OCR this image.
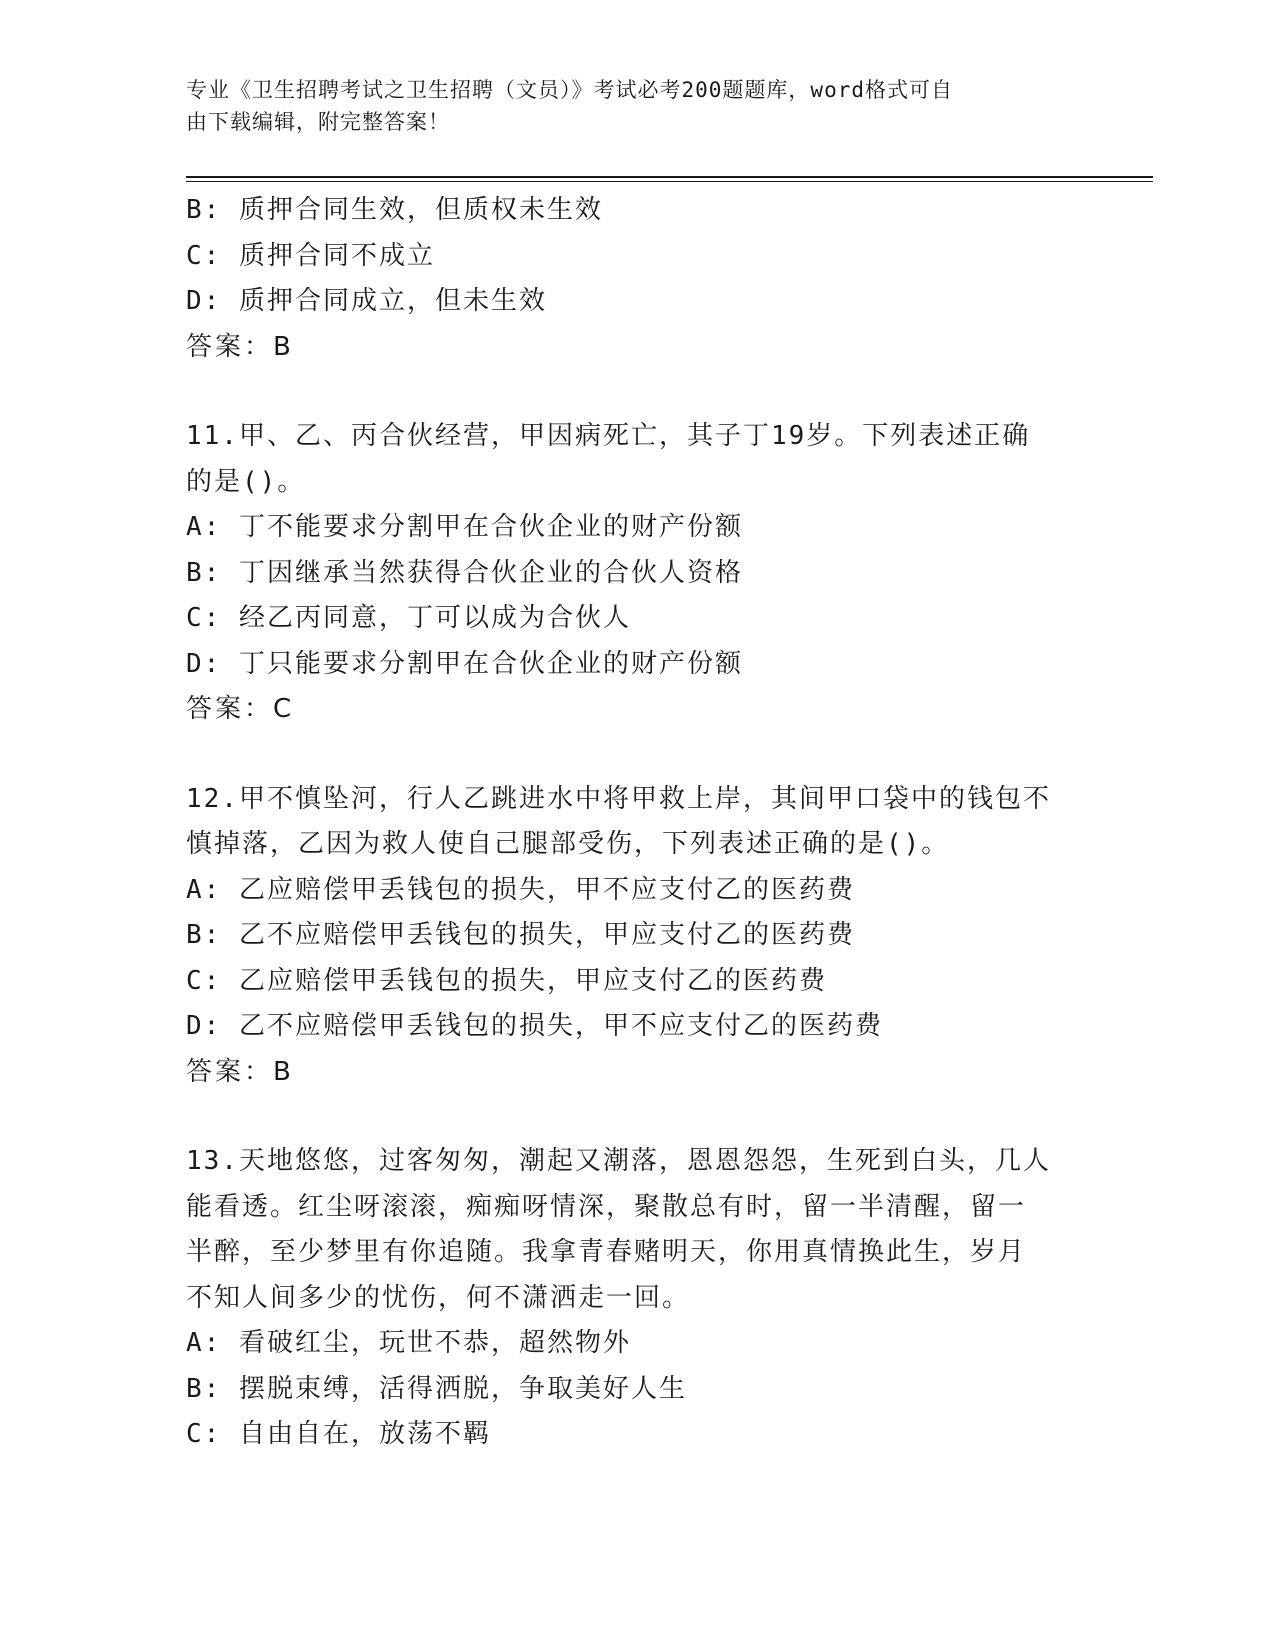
专业《卫生招聘考试之卫生招聘（文员）》考试必考200题题库，word格式可自
由下载编辑，附完整答案！
B: 质押合同生效，但质权未生效
C: 质押合同不成立
D: 质押合同成立，但未生效
答案：B
11.甲、乙、丙合伙经营，甲因病死亡，其子丁19岁。下列表述正确
的是()。
A: 丁不能要求分割甲在合伙企业的财产份额
B: 丁因继承当然获得合伙企业的合伙人资格
C: 经乙丙同意，丁可以成为合伙人
D: 丁只能要求分割甲在合伙企业的财产份额
答案：C
12.甲不慎坠河，行人乙跳进水中将甲救上岸，其间甲口袋中的钱包不
慎掉落，乙因为救人使自己腿部受伤，下列表述正确的是()。
A: 乙应赔偿甲丢钱包的损失，甲不应支付乙的医药费
B: 乙不应赔偿甲丢钱包的损失，甲应支付乙的医药费
C: 乙应赔偿甲丢钱包的损失，甲应支付乙的医药费
D: 乙不应赔偿甲丢钱包的损失，甲不应支付乙的医药费
答案：B
13.天地悠悠，过客匆匆，潮起又潮落，恩恩怨怨，生死到白头，几人
能看透。红尘呀滚滚，痴痴呀情深，聚散总有时，留一半清醒，留一
半醉，至少梦里有你追随。我拿青春赌明天，你用真情换此生，岁月
不知人间多少的忧伤，何不潇洒走一回。
A: 看破红尘，玩世不恭，超然物外
B: 摆脱束缚，活得洒脱，争取美好人生
C: 自由自在，放荡不羁
